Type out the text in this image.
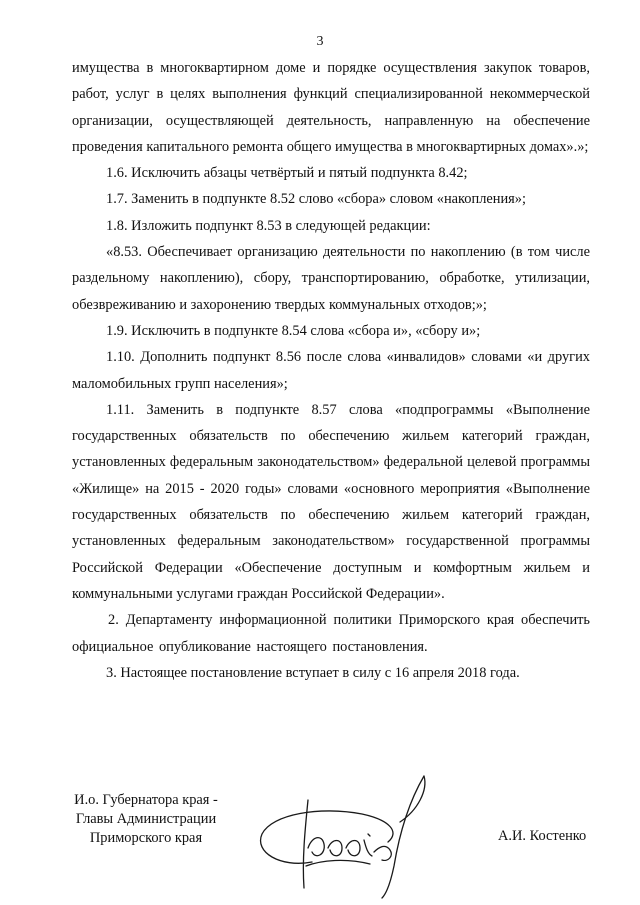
3

имущества в многоквартирном доме и порядке осуществления закупок товаров, работ, услуг в целях выполнения функций специализированной некоммерческой организации, осуществляющей деятельность, направленную на обеспечение проведения капитального ремонта общего имущества в многоквартирных домах».»;

1.6. Исключить абзацы четвёртый и пятый подпункта 8.42;

1.7. Заменить в подпункте 8.52 слово «сбора» словом «накопления»;

1.8. Изложить подпункт 8.53 в следующей редакции:

«8.53. Обеспечивает организацию деятельности по накоплению (в том числе раздельному накоплению), сбору, транспортированию, обработке, утилизации, обезвреживанию и захоронению твердых коммунальных отходов;»;

1.9. Исключить в подпункте 8.54 слова «сбора и», «сбору и»;

1.10. Дополнить подпункт 8.56 после слова «инвалидов» словами «и других маломобильных групп населения»;

1.11. Заменить в подпункте 8.57 слова «подпрограммы «Выполнение государственных обязательств по обеспечению жильем категорий граждан, установленных федеральным законодательством» федеральной целевой программы «Жилище» на 2015 - 2020 годы» словами «основного мероприятия «Выполнение государственных обязательств по обеспечению жильем категорий граждан, установленных федеральным законодательством» государственной программы Российской Федерации «Обеспечение доступным и комфортным жильем и коммунальными услугами граждан Российской Федерации».

2. Департаменту информационной политики Приморского края обеспечить официальное опубликование настоящего постановления.

3. Настоящее постановление вступает в силу с 16 апреля 2018 года.

И.о. Губернатора края -
Главы Администрации
Приморского края	А.И. Костенко
